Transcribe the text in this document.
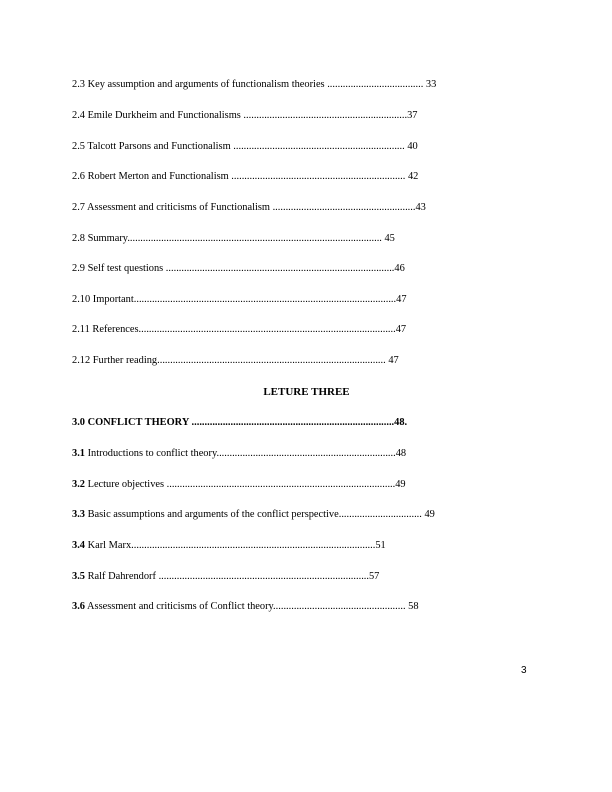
2.3 Key assumption and arguments of functionalism theories ..................................... 33
2.4 Emile Durkheim and Functionalisms ...............................................................37
2.5 Talcott Parsons and Functionalism .................................................................. 40
2.6 Robert Merton and Functionalism ................................................................... 42
2.7 Assessment and criticisms of Functionalism .......................................................43
2.8 Summary.................................................................................................. 45
2.9 Self test questions ........................................................................................46
2.10 Important.....................................................................................................47
2.11 References...................................................................................................47
2.12 Further reading........................................................................................ 47
LETURE THREE
3.0 CONFLICT THEORY ..............................................................................48.
3.1 Introductions to conflict theory.....................................................................48
3.2 Lecture objectives ........................................................................................49
3.3 Basic assumptions and arguments of the conflict perspective................................ 49
3.4 Karl Marx..............................................................................................51
3.5 Ralf Dahrendorf .................................................................................57
3.6 Assessment and criticisms of Conflict theory................................................... 58
3
